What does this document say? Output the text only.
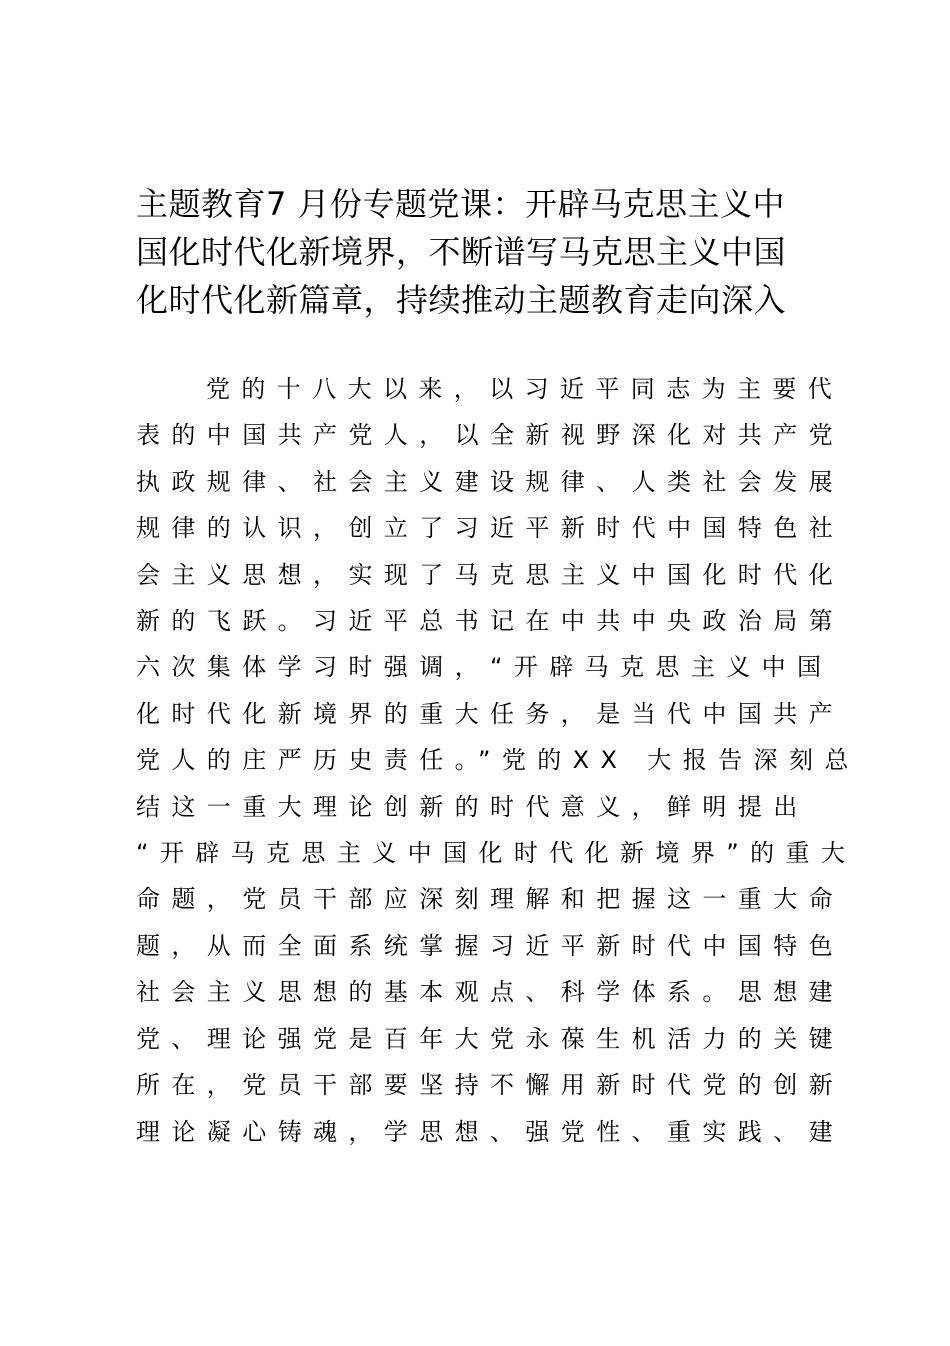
主题教育7 月份专题党课：开辟马克思主义中
国化时代化新境界，不断谱写马克思主义中国
化时代化新篇章，持续推动主题教育走向深入
党的十八大以来，以习近平同志为主要代
表的中国共产党人，以全新视野深化对共产党
执政规律、社会主义建设规律、人类社会发展
规律的认识，创立了习近平新时代中国特色社
会主义思想，实现了马克思主义中国化时代化
新的飞跃。习近平总书记在中共中央政治局第
六次集体学习时强调，“开辟马克思主义中国
化时代化新境界的重大任务，是当代中国共产
党人的庄严历史责任。”党的XX 大报告深刻总
结这一重大理论创新的时代意义，鲜明提出
“开辟马克思主义中国化时代化新境界”的重大
命题，党员干部应深刻理解和把握这一重大命
题，从而全面系统掌握习近平新时代中国特色
社会主义思想的基本观点、科学体系。思想建
党、理论强党是百年大党永葆生机活力的关键
所在，党员干部要坚持不懈用新时代党的创新
理论凝心铸魂，学思想、强党性、重实践、建
